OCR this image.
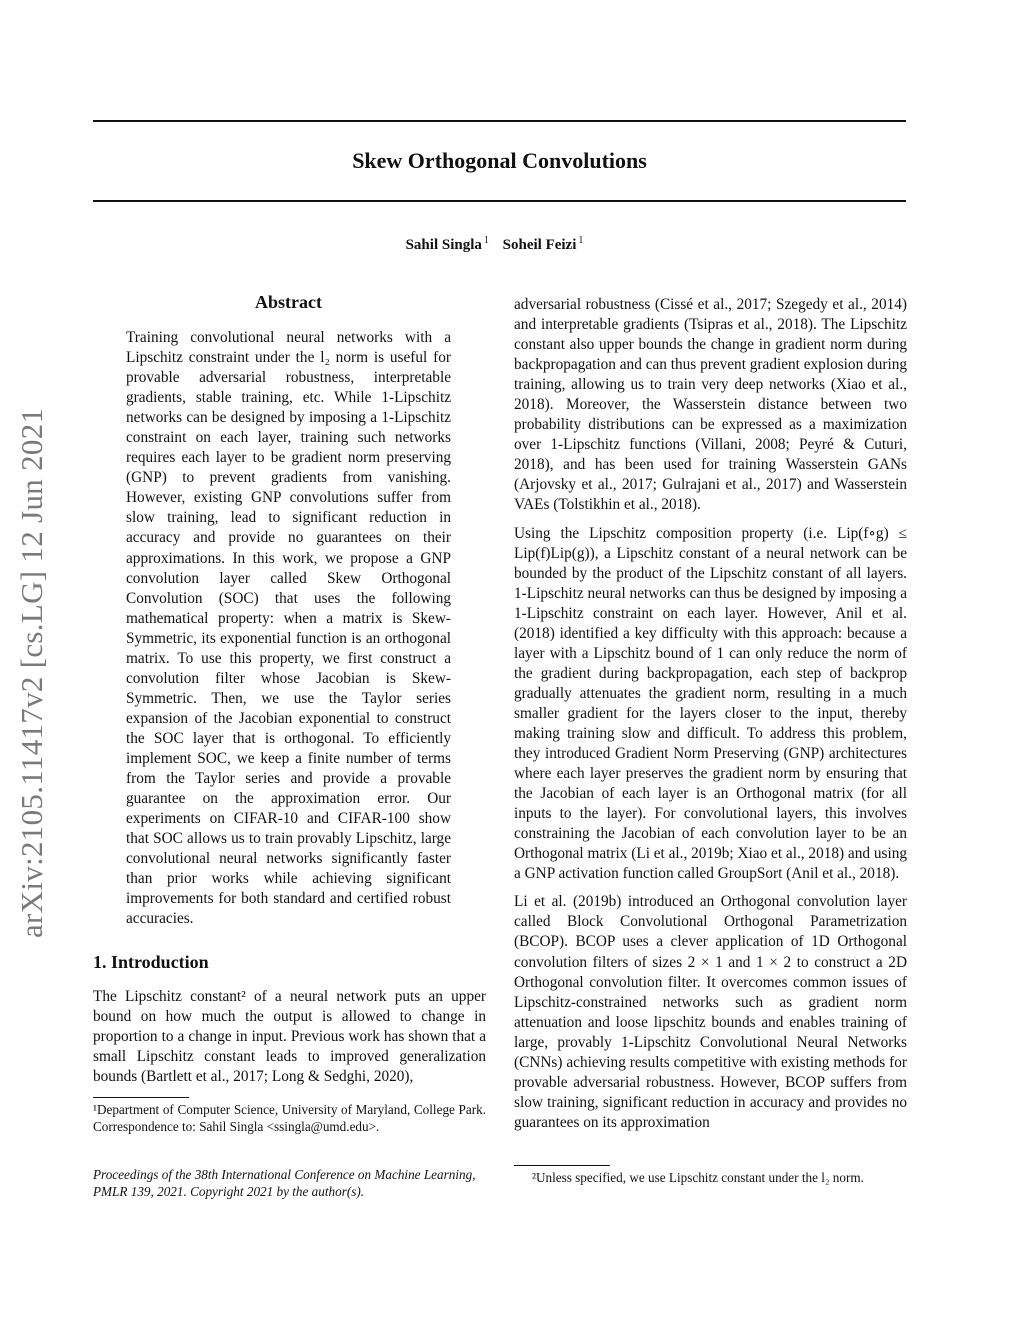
arXiv:2105.11417v2 [cs.LG] 12 Jun 2021
Skew Orthogonal Convolutions
Sahil Singla $^1$ Soheil Feizi $^1$
Abstract

Training convolutional neural networks with a Lipschitz constraint under the l₂ norm is useful for provable adversarial robustness, interpretable gradients, stable training, etc. While 1-Lipschitz networks can be designed by imposing a 1-Lipschitz constraint on each layer, training such networks requires each layer to be gradient norm preserving (GNP) to prevent gradients from vanishing. However, existing GNP convolutions suffer from slow training, lead to significant reduction in accuracy and provide no guarantees on their approximations. In this work, we propose a GNP convolution layer called Skew Orthogonal Convolution (SOC) that uses the following mathematical property: when a matrix is Skew-Symmetric, its exponential function is an orthogonal matrix. To use this property, we first construct a convolution filter whose Jacobian is Skew-Symmetric. Then, we use the Taylor series expansion of the Jacobian exponential to construct the SOC layer that is orthogonal. To efficiently implement SOC, we keep a finite number of terms from the Taylor series and provide a provable guarantee on the approximation error. Our experiments on CIFAR-10 and CIFAR-100 show that SOC allows us to train provably Lipschitz, large convolutional neural networks significantly faster than prior works while achieving significant improvements for both standard and certified robust accuracies.

1. Introduction

The Lipschitz constant² of a neural network puts an upper bound on how much the output is allowed to change in proportion to a change in input. Previous work has shown that a small Lipschitz constant leads to improved generalization bounds (Bartlett et al., 2017; Long & Sedghi, 2020),

¹Department of Computer Science, University of Maryland, College Park. Correspondence to: Sahil Singla <ssingla@umd.edu>.

Proceedings of the 38th International Conference on Machine Learning, PMLR 139, 2021. Copyright 2021 by the author(s).

adversarial robustness (Cissé et al., 2017; Szegedy et al., 2014) and interpretable gradients (Tsipras et al., 2018). The Lipschitz constant also upper bounds the change in gradient norm during backpropagation and can thus prevent gradient explosion during training, allowing us to train very deep networks (Xiao et al., 2018). Moreover, the Wasserstein distance between two probability distributions can be expressed as a maximization over 1-Lipschitz functions (Villani, 2008; Peyré & Cuturi, 2018), and has been used for training Wasserstein GANs (Arjovsky et al., 2017; Gulrajani et al., 2017) and Wasserstein VAEs (Tolstikhin et al., 2018).

Using the Lipschitz composition property (i.e. Lip(f∘g) ≤ Lip(f)Lip(g)), a Lipschitz constant of a neural network can be bounded by the product of the Lipschitz constant of all layers. 1-Lipschitz neural networks can thus be designed by imposing a 1-Lipschitz constraint on each layer. However, Anil et al. (2018) identified a key difficulty with this approach: because a layer with a Lipschitz bound of 1 can only reduce the norm of the gradient during backpropagation, each step of backprop gradually attenuates the gradient norm, resulting in a much smaller gradient for the layers closer to the input, thereby making training slow and difficult. To address this problem, they introduced Gradient Norm Preserving (GNP) architectures where each layer preserves the gradient norm by ensuring that the Jacobian of each layer is an Orthogonal matrix (for all inputs to the layer). For convolutional layers, this involves constraining the Jacobian of each convolution layer to be an Orthogonal matrix (Li et al., 2019b; Xiao et al., 2018) and using a GNP activation function called GroupSort (Anil et al., 2018).

Li et al. (2019b) introduced an Orthogonal convolution layer called Block Convolutional Orthogonal Parametrization (BCOP). BCOP uses a clever application of 1D Orthogonal convolution filters of sizes 2 × 1 and 1 × 2 to construct a 2D Orthogonal convolution filter. It overcomes common issues of Lipschitz-constrained networks such as gradient norm attenuation and loose lipschitz bounds and enables training of large, provably 1-Lipschitz Convolutional Neural Networks (CNNs) achieving results competitive with existing methods for provable adversarial robustness. However, BCOP suffers from slow training, significant reduction in accuracy and provides no guarantees on its approximation

²Unless specified, we use Lipschitz constant under the l₂ norm.
